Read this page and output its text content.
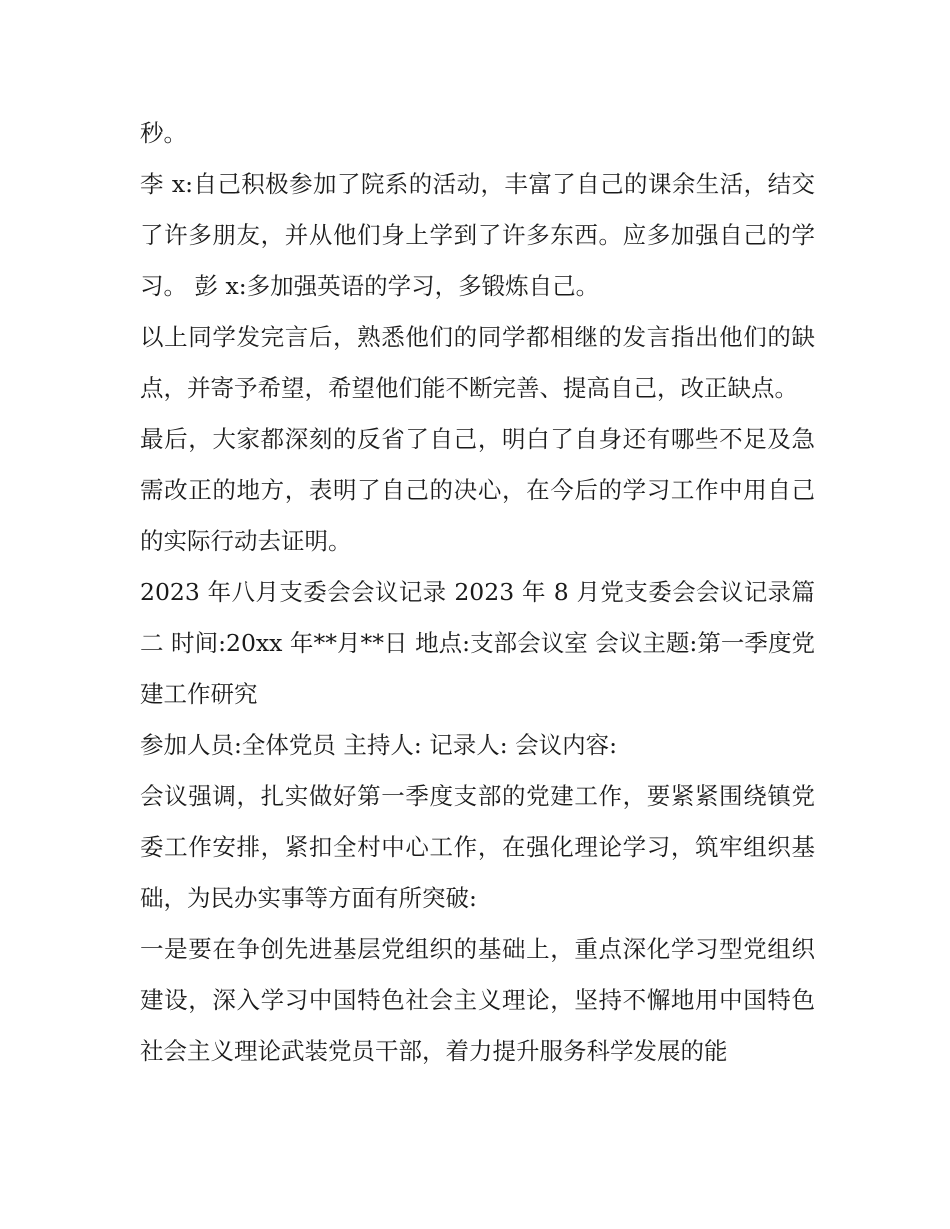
秒。

李 x:自己积极参加了院系的活动，丰富了自己的课余生活，结交了许多朋友，并从他们身上学到了许多东西。应多加强自己的学习。 彭 x:多加强英语的学习，多锻炼自己。

以上同学发完言后，熟悉他们的同学都相继的发言指出他们的缺点，并寄予希望，希望他们能不断完善、提高自己，改正缺点。

最后，大家都深刻的反省了自己，明白了自身还有哪些不足及急需改正的地方，表明了自己的决心，在今后的学习工作中用自己的实际行动去证明。

2023 年八月支委会会议记录 2023 年 8 月党支委会会议记录篇二 时间:20xx 年**月**日 地点:支部会议室 会议主题:第一季度党建工作研究

参加人员:全体党员 主持人: 记录人: 会议内容:

会议强调，扎实做好第一季度支部的党建工作，要紧紧围绕镇党委工作安排，紧扣全村中心工作，在强化理论学习，筑牢组织基础，为民办实事等方面有所突破:

一是要在争创先进基层党组织的基础上，重点深化学习型党组织建设，深入学习中国特色社会主义理论，坚持不懈地用中国特色社会主义理论武装党员干部，着力提升服务科学发展的能
